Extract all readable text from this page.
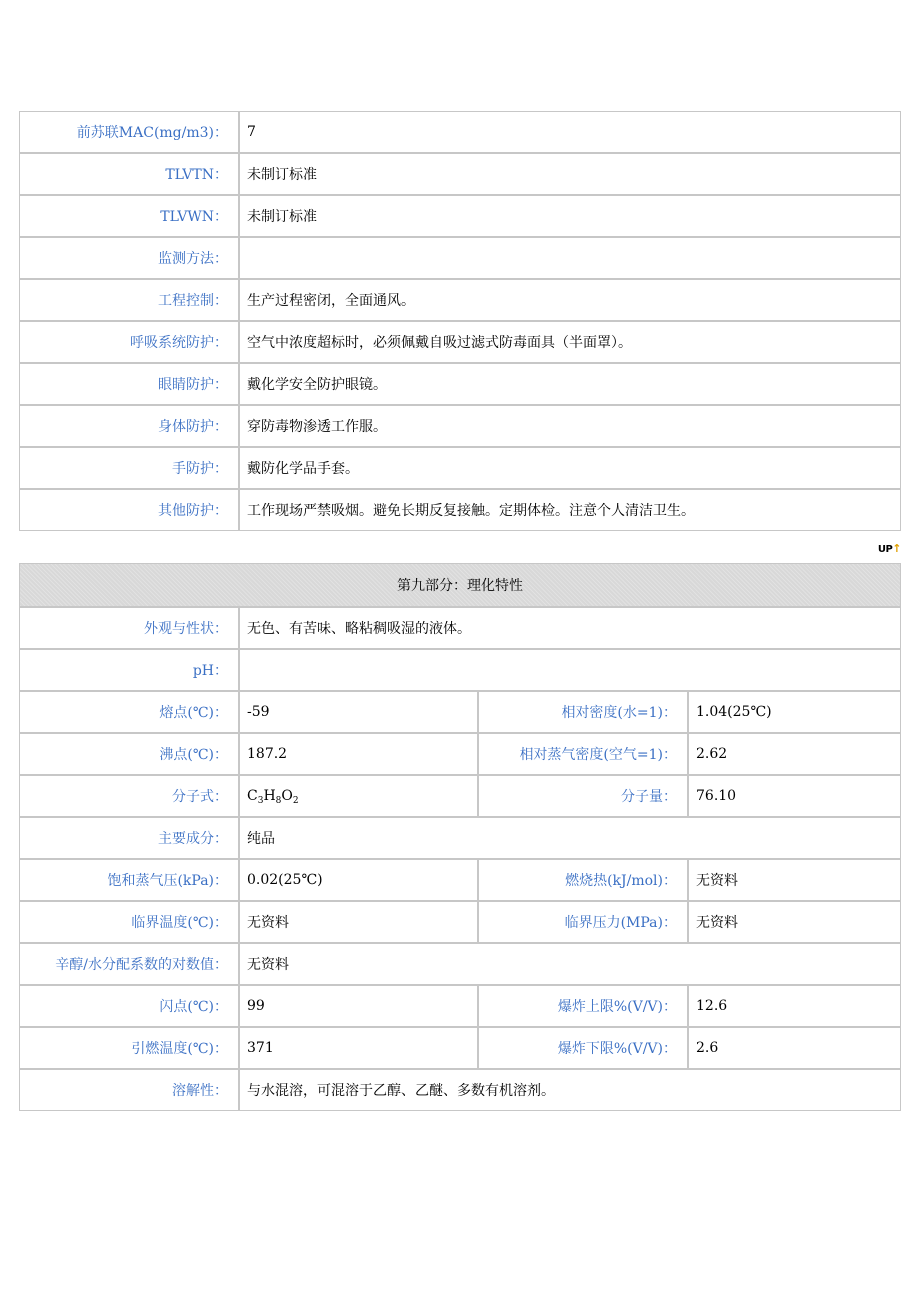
前苏联MAC(mg/m3)：	7
TLVTN：	未制订标准
TLVWN：	未制订标准
监测方法：	
工程控制：	生产过程密闭，全面通风。
呼吸系统防护：	空气中浓度超标时，必须佩戴自吸过滤式防毒面具（半面罩）。
眼睛防护：	戴化学安全防护眼镜。
身体防护：	穿防毒物渗透工作服。
手防护：	戴防化学品手套。
其他防护：	工作现场严禁吸烟。避免长期反复接触。定期体检。注意个人清洁卫生。
UP↑
第九部分：理化特性			
外观与性状：	无色、有苦味、略粘稠吸湿的液体。		
pH：			
熔点(℃)：	-59	相对密度(水=1)：	1.04(25℃)
沸点(℃)：	187.2	相对蒸气密度(空气=1)：	2.62
分子式：	$C_3H_8O_2$	分子量：	76.10
主要成分：	纯品		
饱和蒸气压(kPa)：	0.02(25℃)	燃烧热(kJ/mol)：	无资料
临界温度(℃)：	无资料	临界压力(MPa)：	无资料
辛醇/水分配系数的对数值：	无资料		
闪点(℃)：	99	爆炸上限%(V/V)：	12.6
引燃温度(℃)：	371	爆炸下限%(V/V)：	2.6
溶解性：	与水混溶，可混溶于乙醇、乙醚、多数有机溶剂。		
